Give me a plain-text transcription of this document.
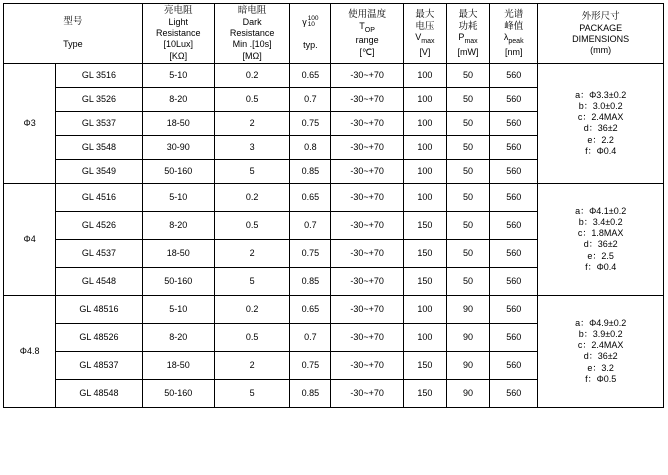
型号
Type		亮电阻
Light
Resistance
[10Lux]
[KΩ]	暗电阻
Dark
Resistance
Min .[10s]
[MΩ]	γ 100
10
typ.	使用温度
$T_{OP}$
range
[℃]	最大
电压
$V_{max}$
[V]	最大
功耗
$P_{max}$
[mW]	光谱
峰值
$\lambda_{peak}$
[nm]	外形尺寸
PACKAGE
DIMENSIONS
(mm)

Φ3	GL 3516	5-10	0.2	0.65	-30~+70	100	50	560	
a：Φ3.3±0.2
b：3.0±0.2
c：2.4MAX
d：36±2
e：2.2
f：Φ0.4

	GL 3526	8-20	0.5	0.7	-30~+70	100	50	560	
	GL 3537	18-50	2	0.75	-30~+70	100	50	560	
	GL 3548	30-90	3	0.8	-30~+70	100	50	560	
	GL 3549	50-160	5	0.85	-30~+70	100	50	560	
Φ4	GL 4516	5-10	0.2	0.65	-30~+70	100	50	560	
a：Φ4.1±0.2
b：3.4±0.2
c：1.8MAX
d：36±2
e：2.5
f：Φ0.4

	GL 4526	8-20	0.5	0.7	-30~+70	150	50	560	
	GL 4537	18-50	2	0.75	-30~+70	150	50	560	
	GL 4548	50-160	5	0.85	-30~+70	150	50	560	
Φ4.8	GL 48516	5-10	0.2	0.65	-30~+70	100	90	560	
a：Φ4.9±0.2
b：3.9±0.2
c：2.4MAX
d：36±2
e：3.2
f：Φ0.5

	GL 48526	8-20	0.5	0.7	-30~+70	100	90	560	
	GL 48537	18-50	2	0.75	-30~+70	150	90	560	
	GL 48548	50-160	5	0.85	-30~+70	150	90	560	
